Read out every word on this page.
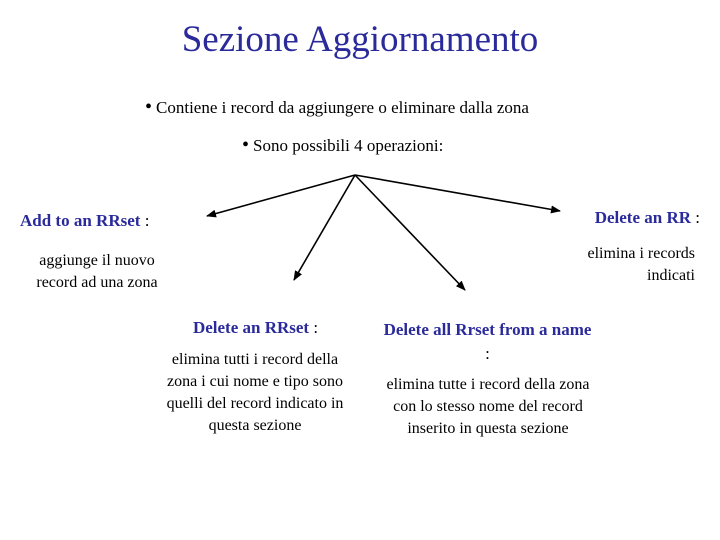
Sezione Aggiornamento
• Contiene i record da aggiungere o eliminare dalla zona
• Sono possibili 4 operazioni:
Add to an RRset :
aggiunge il nuovo record ad una zona
Delete an RR :
elimina i records indicati
Delete an RRset :
elimina tutti i record della zona i cui nome e tipo sono quelli del record indicato in questa sezione
Delete all Rrset from a name :
elimina tutte i record della zona con lo stesso nome del record inserito in questa sezione
